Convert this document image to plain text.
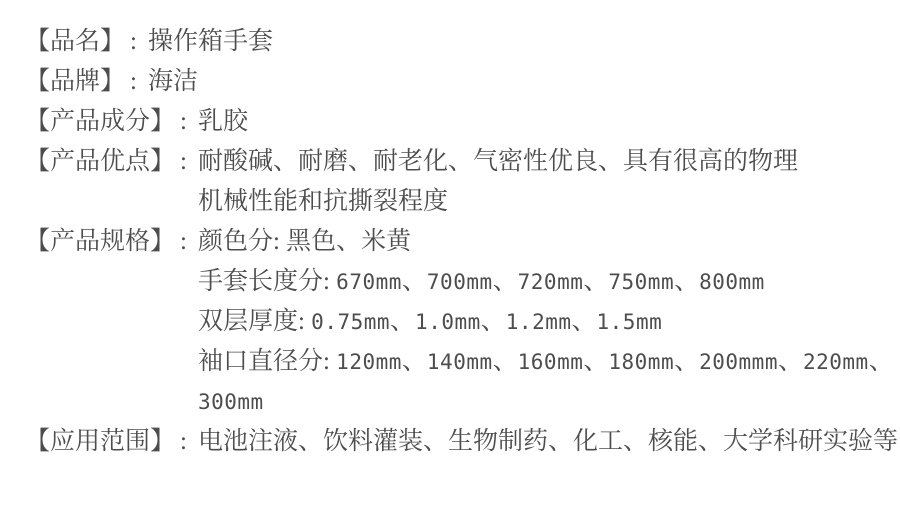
【品名】 : 操作箱手套
【品牌】 : 海洁
【产品成分】 : 乳胶
【产品优点】 : 耐酸碱、耐磨、耐老化、气密性优良、具有很高的物理
机械性能和抗撕裂程度
【产品规格】 : 颜色分: 黑色、米黄
手套长度分: 670mm、700mm、720mm、750mm、800mm
双层厚度: 0.75mm、1.0mm、1.2mm、1.5mm
袖口直径分: 120mm、140mm、160mm、180mm、200mmm、220mm、
300mm
【应用范围】 : 电池注液、饮料灌装、生物制药、化工、核能、大学科研实验等
